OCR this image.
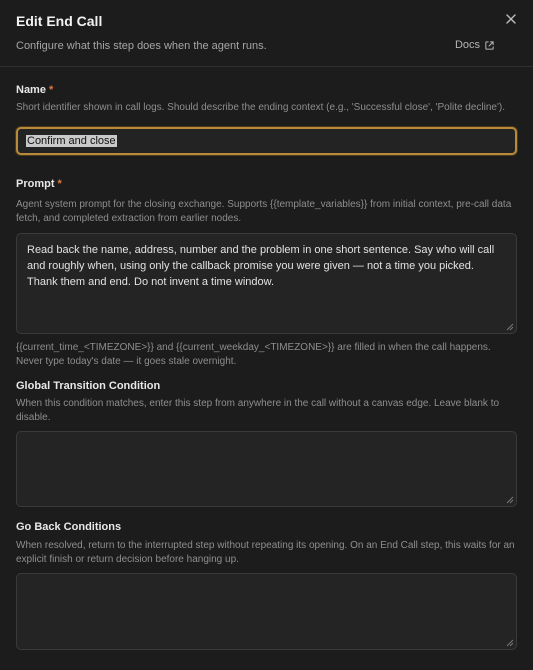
Edit End Call
Configure what this step does when the agent runs.	Docs
Name *
Short identifier shown in call logs. Should describe the ending context (e.g., 'Successful close', 'Polite decline').
Confirm and close
Prompt *
Agent system prompt for the closing exchange. Supports {{template_variables}} from initial context, pre-call data fetch, and completed extraction from earlier nodes.
Read back the name, address, number and the problem in one short sentence. Say who will call and roughly when, using only the callback promise you were given — not a time you picked. Thank them and end. Do not invent a time window.
{{current_time_<TIMEZONE>}} and {{current_weekday_<TIMEZONE>}} are filled in when the call happens. Never type today's date — it goes stale overnight.
Global Transition Condition
When this condition matches, enter this step from anywhere in the call without a canvas edge. Leave blank to disable.
Go Back Conditions
When resolved, return to the interrupted step without repeating its opening. On an End Call step, this waits for an explicit finish or return decision before hanging up.
